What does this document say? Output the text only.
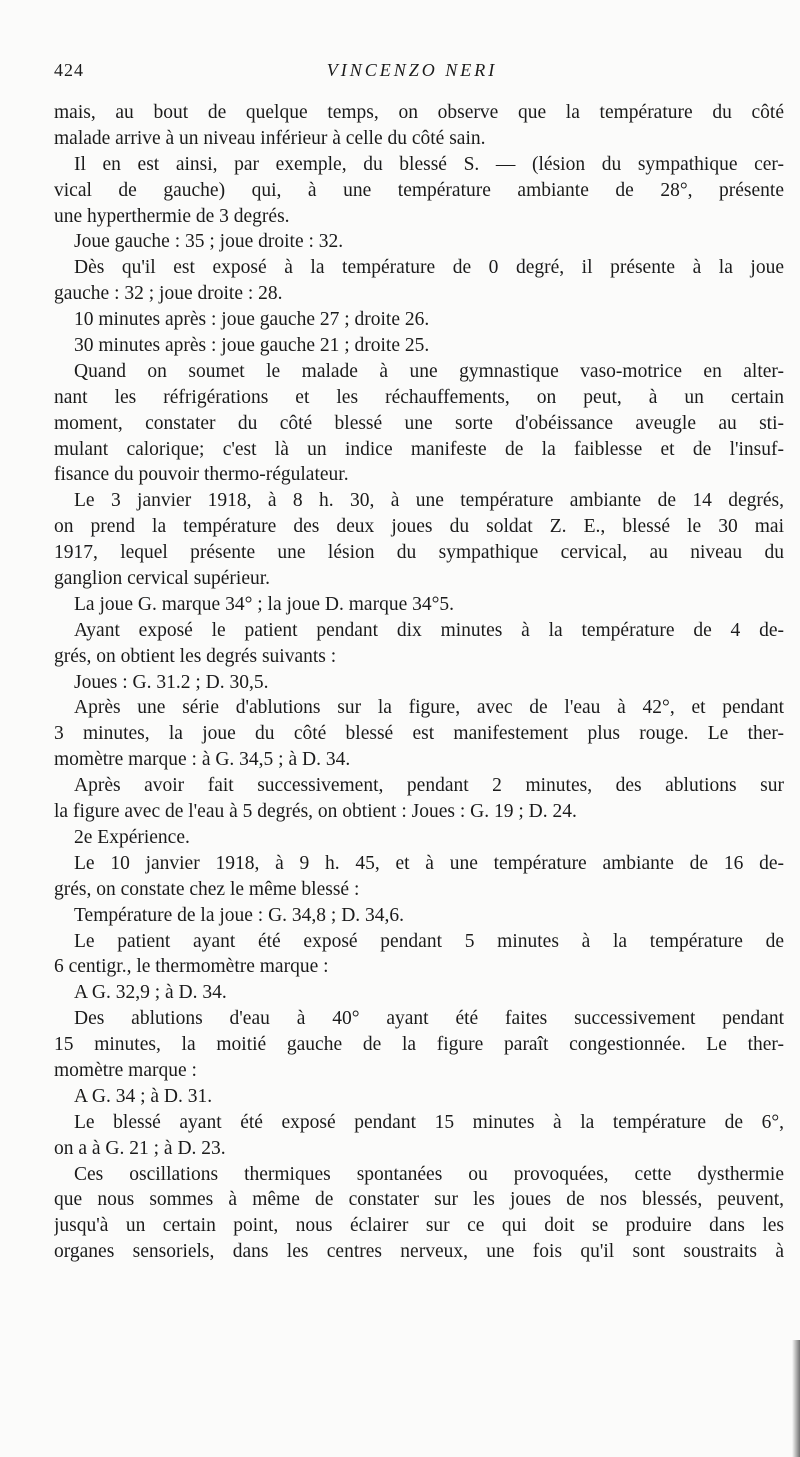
424	VINCENZO NERI
mais, au bout de quelque temps, on observe que la température du côté
malade arrive à un niveau inférieur à celle du côté sain.
Il en est ainsi, par exemple, du blessé S. — (lésion du sympathique cer-
vical de gauche) qui, à une température ambiante de 28°, présente
une hyperthermie de 3 degrés.
Joue gauche : 35 ; joue droite : 32.
Dès qu'il est exposé à la température de 0 degré, il présente à la joue
gauche : 32 ; joue droite : 28.
10 minutes après : joue gauche 27 ; droite 26.
30 minutes après : joue gauche 21 ; droite 25.
Quand on soumet le malade à une gymnastique vaso-motrice en alter-
nant les réfrigérations et les réchauffements, on peut, à un certain
moment, constater du côté blessé une sorte d'obéissance aveugle au sti-
mulant calorique; c'est là un indice manifeste de la faiblesse et de l'insuf-
fisance du pouvoir thermo-régulateur.
Le 3 janvier 1918, à 8 h. 30, à une température ambiante de 14 degrés,
on prend la température des deux joues du soldat Z. E., blessé le 30 mai
1917, lequel présente une lésion du sympathique cervical, au niveau du
ganglion cervical supérieur.
La joue G. marque 34° ; la joue D. marque 34°5.
Ayant exposé le patient pendant dix minutes à la température de 4 de-
grés, on obtient les degrés suivants :
Joues : G. 31.2 ; D. 30,5.
Après une série d'ablutions sur la figure, avec de l'eau à 42°, et pendant
3 minutes, la joue du côté blessé est manifestement plus rouge. Le ther-
momètre marque : à G. 34,5 ; à D. 34.
Après avoir fait successivement, pendant 2 minutes, des ablutions sur
la figure avec de l'eau à 5 degrés, on obtient : Joues : G. 19 ; D. 24.
2e Expérience.
Le 10 janvier 1918, à 9 h. 45, et à une température ambiante de 16 de-
grés, on constate chez le même blessé :
Température de la joue : G. 34,8 ; D. 34,6.
Le patient ayant été exposé pendant 5 minutes à la température de
6 centigr., le thermomètre marque :
A G. 32,9 ; à D. 34.
Des ablutions d'eau à 40° ayant été faites successivement pendant
15 minutes, la moitié gauche de la figure paraît congestionnée. Le ther-
momètre marque :
A G. 34 ; à D. 31.
Le blessé ayant été exposé pendant 15 minutes à la température de 6°,
on a à G. 21 ; à D. 23.
Ces oscillations thermiques spontanées ou provoquées, cette dysthermie
que nous sommes à même de constater sur les joues de nos blessés, peuvent,
jusqu'à un certain point, nous éclairer sur ce qui doit se produire dans les
organes sensoriels, dans les centres nerveux, une fois qu'il sont soustraits à
